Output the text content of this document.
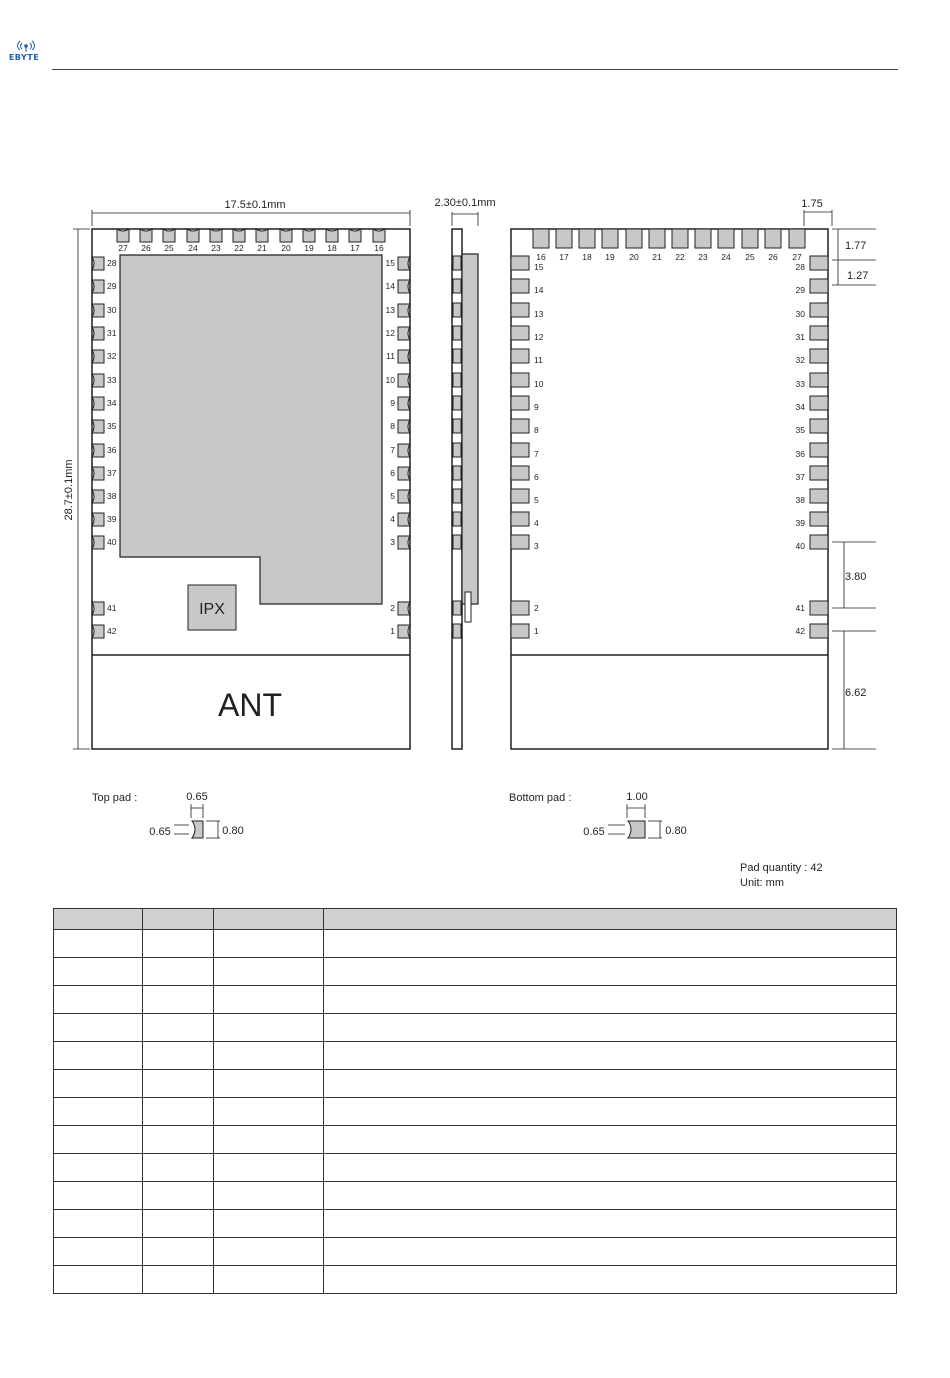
EBYTE
17.5±0.1mm
28.7±0.1mm
2.30±0.1mm	1.75
1.77
1.27
3.80
6.62
IPX
ANT
27 26 25 24 23 22 21 20 19 18 17 16
28
29
30
31
32
33
34
35
36
37
38
39
40
15
14
13
12
11
10
9
8
7
6
5
4
3
41
42
2
1
16 17 18 19 20 21 22 23 24 25 26 27
15
14
13
12
11
10
9
8
7
6
5
4
3
28
29
30
31
32
33
34
35
36
37
38
39
40
2
1
41
42
Top pad :	0.65
0.65	0.80
Bottom pad :	1.00
0.65	0.80
Pad quantity : 42
Unit: mm
